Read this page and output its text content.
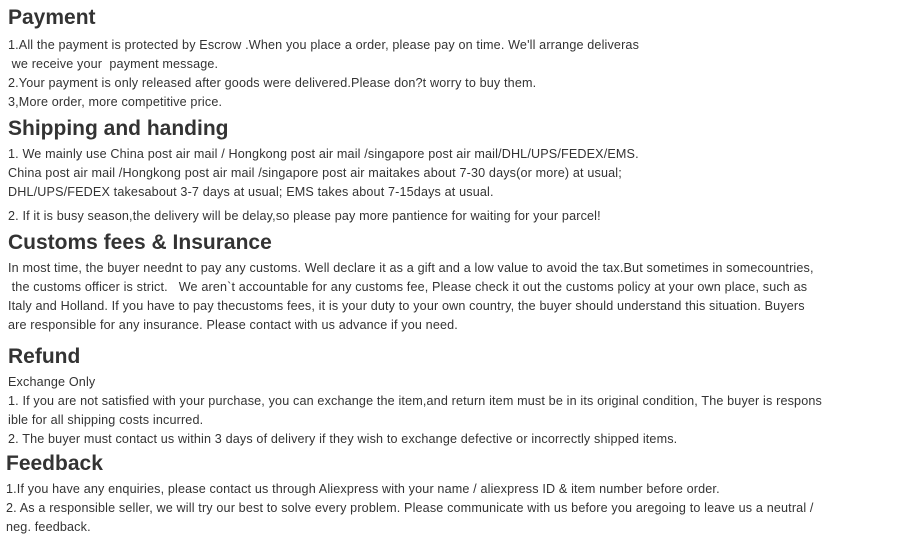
Payment

1.All the payment is protected by Escrow .When you place a order, please pay on time. We'll arrange deliveras

we receive your  payment message.

2.Your payment is only released after goods were delivered.Please don?t worry to buy them.

3,More order, more competitive price.

Shipping and handing

1. We mainly use China post air mail / Hongkong post air mail /singapore post air mail/DHL/UPS/FEDEX/EMS.

China post air mail /Hongkong post air mail /singapore post air maitakes about 7-30 days(or more) at usual;

DHL/UPS/FEDEX takesabout 3-7 days at usual; EMS takes about 7-15days at usual.

2. If it is busy season,the delivery will be delay,so please pay more pantience for waiting for your parcel!

Customs fees & Insurance

In most time, the buyer neednt to pay any customs. Well declare it as a gift and a low value to avoid the tax.But sometimes in somecountries,

the customs officer is strict.   We aren`t accountable for any customs fee, Please check it out the customs policy at your own place, such as

Italy and Holland. If you have to pay thecustoms fees, it is your duty to your own country, the buyer should understand this situation. Buyers

are responsible for any insurance. Please contact with us advance if you need.

Refund

Exchange Only

1. If you are not satisfied with your purchase, you can exchange the item,and return item must be in its original condition, The buyer is respons

ible for all shipping costs incurred.

2. The buyer must contact us within 3 days of delivery if they wish to exchange defective or incorrectly shipped items.

Feedback

1.If you have any enquiries, please contact us through Aliexpress with your name / aliexpress ID & item number before order.

2. As a responsible seller, we will try our best to solve every problem. Please communicate with us before you aregoing to leave us a neutral /

neg. feedback.
